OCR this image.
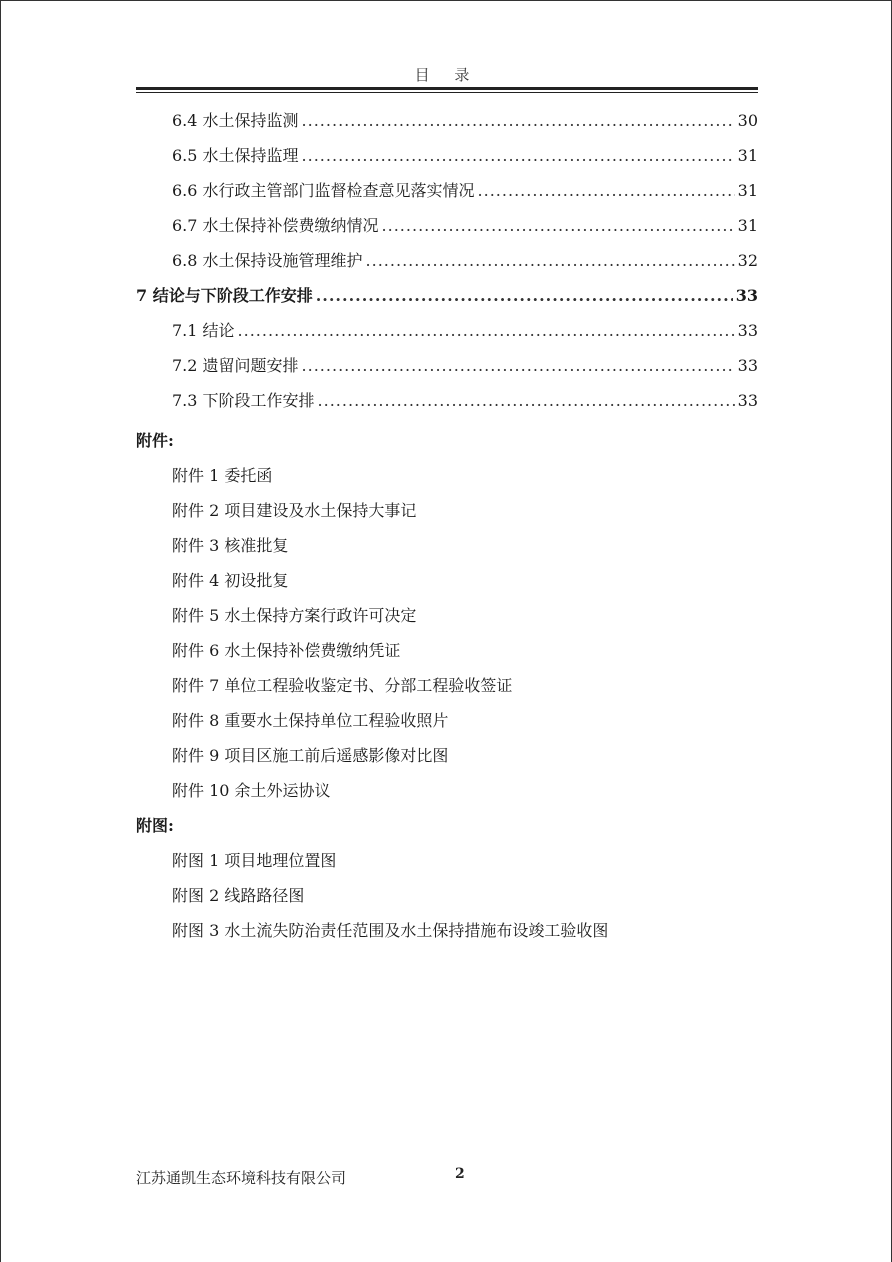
目 录
6.4 水土保持监测 .....	30
6.5 水土保持监理 .....	31
6.6 水行政主管部门监督检查意见落实情况 .....	31
6.7 水土保持补偿费缴纳情况 .....	31
6.8 水土保持设施管理维护 .....	32
7 结论与下阶段工作安排 .....	33
7.1 结论 .....	33
7.2 遗留问题安排 .....	33
7.3 下阶段工作安排 .....	33
附件:
附件 1 委托函
附件 2 项目建设及水土保持大事记
附件 3 核准批复
附件 4 初设批复
附件 5 水土保持方案行政许可决定
附件 6 水土保持补偿费缴纳凭证
附件 7 单位工程验收鉴定书、分部工程验收签证
附件 8 重要水土保持单位工程验收照片
附件 9 项目区施工前后遥感影像对比图
附件 10 余土外运协议
附图:
附图 1 项目地理位置图
附图 2 线路路径图
附图 3 水土流失防治责任范围及水土保持措施布设竣工验收图
江苏通凯生态环境科技有限公司	2
